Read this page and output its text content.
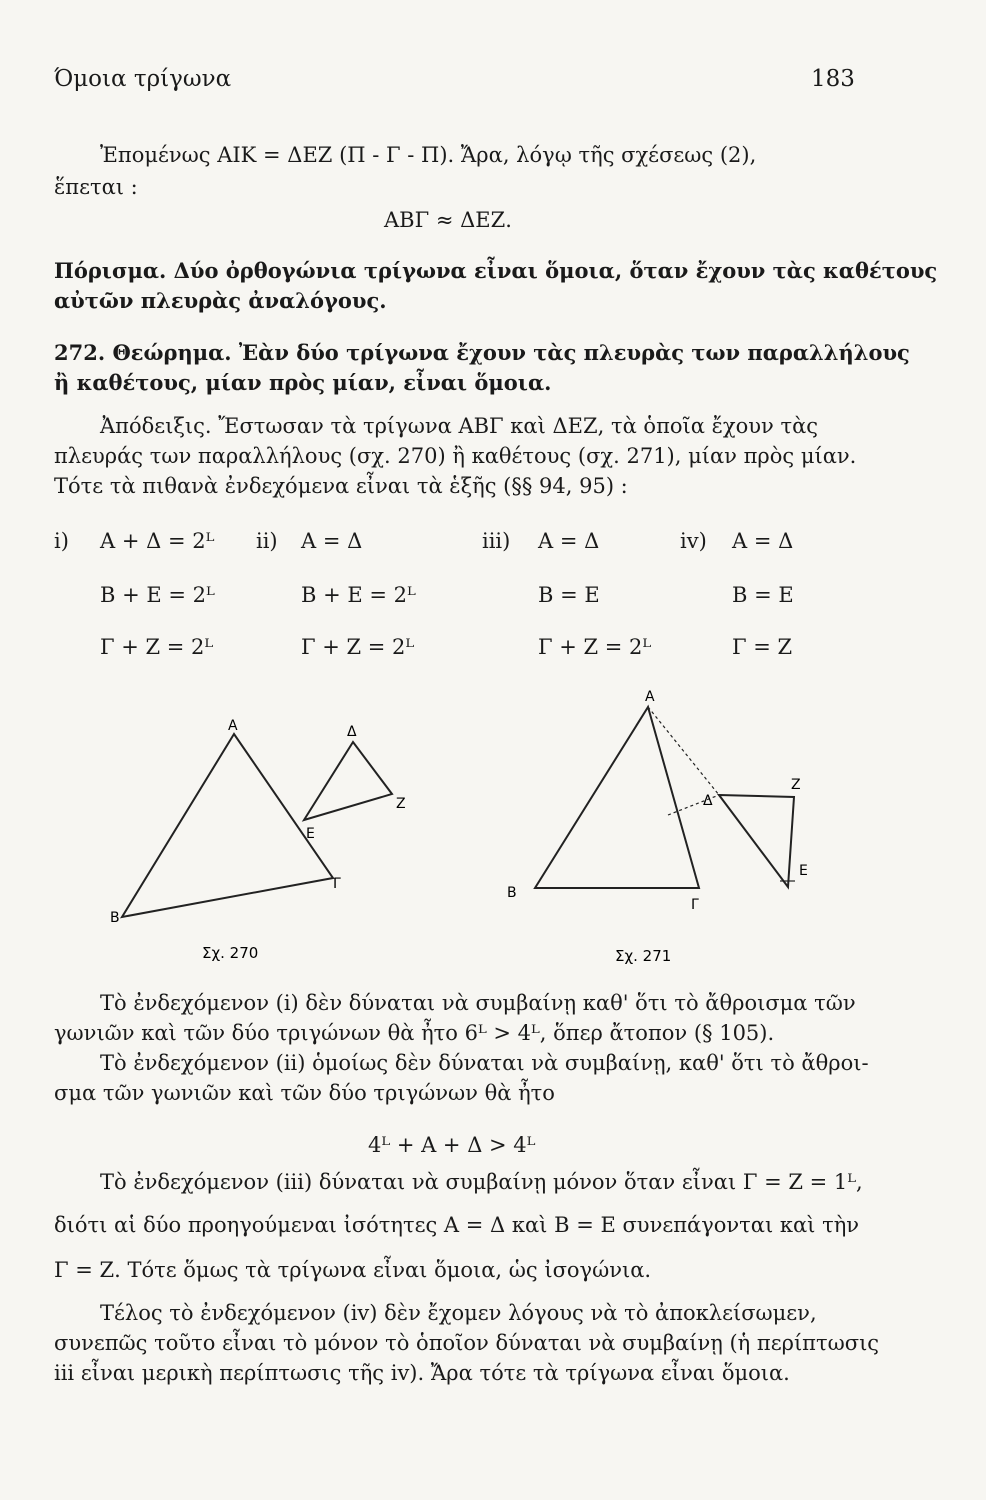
Όμοια τρίγωνα	183
Ἐπομένως ΑΙΚ = ΔΕΖ (Π - Γ - Π). Ἄρα, λόγῳ τῆς σχέσεως (2),
ἕπεται :
ΑΒΓ ≈ ΔΕΖ.
Πόρισμα. Δύο ὀρθογώνια τρίγωνα εἶναι ὅμοια, ὅταν ἔχουν τὰς καθέτους
αὐτῶν πλευρὰς ἀναλόγους.
272. Θεώρημα. Ἐὰν δύο τρίγωνα ἔχουν τὰς πλευρὰς των παραλλήλους
ἢ καθέτους, μίαν πρὸς μίαν, εἶναι ὅμοια.
Ἀπόδειξις. Ἔστωσαν τὰ τρίγωνα ΑΒΓ καὶ ΔΕΖ, τὰ ὁποῖα ἔχουν τὰς
πλευράς των παραλλήλους (σχ. 270) ἢ καθέτους (σχ. 271), μίαν πρὸς μίαν.
Τότε τὰ πιθανὰ ἐνδεχόμενα εἶναι τὰ ἑξῆς (§§ 94, 95) :
i) Α + Δ = 2ᴸ ii) Α = Δ	iii) Α = Δ	iv) Α = Δ
Β + Ε = 2ᴸ	Β + Ε = 2ᴸ	Β = Ε	Β = Ε
Γ + Ζ = 2ᴸ	Γ + Ζ = 2ᴸ	Γ + Ζ = 2ᴸ	Γ = Ζ
Α
Β
Γ
Δ
Ε
Ζ
Σχ. 270
Α
Β
Γ
Δ
Ε
Ζ
Σχ. 271
Τὸ ἐνδεχόμενον (i) δὲν δύναται νὰ συμβαίνῃ καθ' ὅτι τὸ ἄθροισμα τῶν
γωνιῶν καὶ τῶν δύο τριγώνων θὰ ἦτο 6ᴸ > 4ᴸ, ὅπερ ἄτοπον (§ 105).
Τὸ ἐνδεχόμενον (ii) ὁμοίως δὲν δύναται νὰ συμβαίνῃ, καθ' ὅτι τὸ ἄθροι-
σμα τῶν γωνιῶν καὶ τῶν δύο τριγώνων θὰ ἦτο
4ᴸ + Α + Δ > 4ᴸ
Τὸ ἐνδεχόμενον (iii) δύναται νὰ συμβαίνῃ μόνον ὅταν εἶναι Γ = Ζ = 1ᴸ,
διότι αἱ δύο προηγούμεναι ἰσότητες Α = Δ καὶ Β = Ε συνεπάγονται καὶ τὴν
Γ = Ζ. Τότε ὅμως τὰ τρίγωνα εἶναι ὅμοια, ὡς ἰσογώνια.
Τέλος τὸ ἐνδεχόμενον (iv) δὲν ἔχομεν λόγους νὰ τὸ ἀποκλείσωμεν,
συνεπῶς τοῦτο εἶναι τὸ μόνον τὸ ὁποῖον δύναται νὰ συμβαίνῃ (ἡ περίπτωσις
iii εἶναι μερικὴ περίπτωσις τῆς iv). Ἄρα τότε τὰ τρίγωνα εἶναι ὅμοια.
